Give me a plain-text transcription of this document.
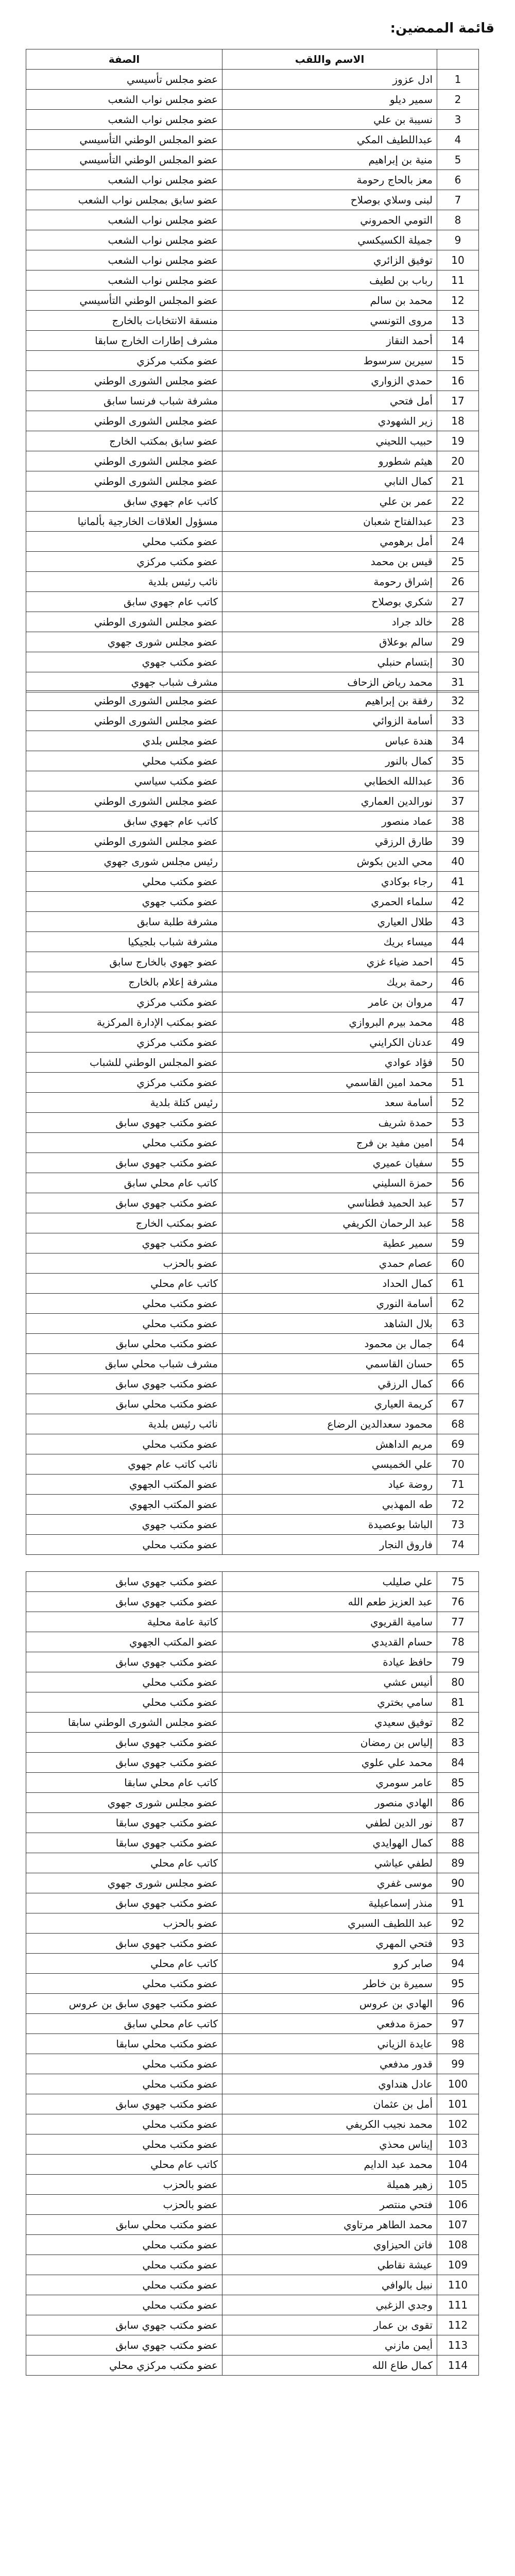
قائمة الممضين:
	الاسم واللقب	الصفة
1	ادل عزوز	عضو مجلس تأسيسي
2	سمير ديلو	عضو مجلس نواب الشعب
3	نسيبة بن علي	عضو مجلس نواب الشعب
4	عبداللطيف المكي	عضو المجلس الوطني التأسيسي
5	منية بن إبراهيم	عضو المجلس الوطني التأسيسي
6	معز بالحاج رحومة	عضو مجلس نواب الشعب
7	لبنى وسلاي بوصلاح	عضو سابق بمجلس نواب الشعب
8	التومي الحمروني	عضو مجلس نواب الشعب
9	جميلة الكسيكسي	عضو مجلس نواب الشعب
10	توفيق الزائري	عضو مجلس نواب الشعب
11	رباب بن لطيف	عضو مجلس نواب الشعب
12	محمد بن سالم	عضو المجلس الوطني التأسيسي
13	مروى التونسي	منسقة الانتخابات بالخارج
14	أحمد النقاز	مشرف إطارات الخارج سابقا
15	سيرين سرسوط	عضو مكتب مركزي
16	حمدي الزواري	عضو مجلس الشورى الوطني
17	أمل فتحي	مشرفة شباب فرنسا سابق
18	زير الشهودي	عضو مجلس الشورى الوطني
19	حبيب اللحيني	عضو سابق بمكتب الخارج
20	هيثم شطورو	عضو مجلس الشورى الوطني
21	كمال النابي	عضو مجلس الشورى الوطني
22	عمر بن علي	كاتب عام جهوي سابق
23	عبدالفتاح شعبان	مسؤول العلاقات الخارجية بألمانيا
24	أمل برهومي	عضو مكتب محلي
25	قيس بن محمد	عضو مكتب مركزي
26	إشراق رحومة	نائب رئيس بلدية
27	شكري بوصلاح	كاتب عام جهوي سابق
28	خالد جراد	عضو مجلس الشورى الوطني
29	سالم بوعلاق	عضو مجلس شورى جهوي
30	إبتسام حنبلي	عضو مكتب جهوي
31	محمد رياض الزحاف	مشرف شباب جهوي
32	رفقة بن إبراهيم	عضو مجلس الشورى الوطني
33	أسامة الزوائي	عضو مجلس الشورى الوطني
34	هندة عباس	عضو مجلس بلدي
35	كمال بالنور	عضو مكتب محلي
36	عبدالله الخطابي	عضو مكتب سياسي
37	نورالدين العماري	عضو مجلس الشورى الوطني
38	عماد منصور	كاتب عام جهوي سابق
39	طارق الرزقي	عضو مجلس الشورى الوطني
40	محي الدين بكوش	رئيس مجلس شورى جهوي
41	رجاء بوكادي	عضو مكتب محلي
42	سلماء الحمري	عضو مكتب جهوي
43	طلال العياري	مشرفة طلبة سابق
44	ميساء بريك	مشرفة شباب بلجيكيا
45	احمد ضياء غزي	عضو جهوي بالخارج سابق
46	رحمة بريك	مشرفة إعلام بالخارج
47	مروان بن عامر	عضو مكتب مركزي
48	محمد بيرم البروازي	عضو بمكتب الإدارة المركزية
49	عدنان الكرايني	عضو مكتب مركزي
50	فؤاد عوادي	عضو المجلس الوطني للشباب
51	محمد امين القاسمي	عضو مكتب مركزي
52	أسامة سعد	رئيس كتلة بلدية
53	حمدة شريف	عضو مكتب جهوي سابق
54	امين مفيد بن فرج	عضو مكتب محلي
55	سفيان عميري	عضو مكتب جهوي سابق
56	حمزة السليني	كاتب عام محلي سابق
57	عبد الحميد فطناسي	عضو مكتب جهوي سابق
58	عبد الرحمان الكريفي	عضو بمكتب الخارج
59	سمير عطية	عضو مكتب جهوي
60	عصام حمدي	عضو بالحزب
61	كمال الحداد	كاتب عام محلي
62	أسامة النوري	عضو مكتب محلي
63	بلال الشاهد	عضو مكتب محلي
64	جمال بن محمود	عضو مكتب محلي سابق
65	حسان القاسمي	مشرف شباب محلي سابق
66	كمال الرزقي	عضو مكتب جهوي سابق
67	كريمة العياري	عضو مكتب محلي سابق
68	محمود سعدالدين الرضاع	نائب رئيس بلدية
69	مريم الداهش	عضو مكتب محلي
70	علي الخميسي	نائب كاتب عام جهوي
71	روضة عياد	عضو المكتب الجهوي
72	طه المهذبي	عضو المكتب الجهوي
73	الباشا بوعصيدة	عضو مكتب جهوي
74	فاروق النجار	عضو مكتب محلي
75	علي صليلب	عضو مكتب جهوي سابق
76	عبد العزيز طعم الله	عضو مكتب جهوي سابق
77	سامية القريوي	كاتبة عامة محلية
78	حسام القديدي	عضو المكتب الجهوي
79	حافظ عيادة	عضو مكتب جهوي سابق
80	أنيس عشي	عضو مكتب محلي
81	سامي بختري	عضو مكتب محلي
82	توفيق سعيدي	عضو مجلس الشورى الوطني سابقا
83	إلياس بن رمضان	عضو مكتب جهوي سابق
84	محمد علي علوي	عضو مكتب جهوي سابق
85	عامر سومري	كاتب عام محلي سابقا
86	الهادي منصور	عضو مجلس شورى جهوي
87	نور الدين لطفي	عضو مكتب جهوي سابقا
88	كمال الهوايدي	عضو مكتب جهوي سابقا
89	لطفي عياشي	كاتب عام محلي
90	موسى غفري	عضو مجلس شورى جهوي
91	منذر إسماعيلية	عضو مكتب جهوي سابق
92	عبد اللطيف السبري	عضو بالحزب
93	فتحي المهري	عضو مكتب جهوي سابق
94	صابر كرو	كاتب عام محلي
95	سميرة بن خاطر	عضو مكتب محلي
96	الهادي بن عروس	عضو مكتب جهوي سابق بن عروس
97	حمزة مدفعي	كاتب عام محلي سابق
98	عايدة الزياني	عضو مكتب محلي سابقا
99	قدور مدفعي	عضو مكتب محلي
100	عادل هنداوي	عضو مكتب محلي
101	أمل بن عثمان	عضو مكتب جهوي سابق
102	محمد نجيب الكريفي	عضو مكتب محلي
103	إيناس محذي	عضو مكتب محلي
104	محمد عبد الدايم	كاتب عام محلي
105	زهير هميلة	عضو بالحزب
106	فتحي منتصر	عضو بالحزب
107	محمد الطاهر مرتاوي	عضو مكتب محلي سابق
108	فاتن الحيزاوي	عضو مكتب محلي
109	عيشة نقاطي	عضو مكتب محلي
110	نبيل بالوافي	عضو مكتب محلي
111	وجدي الزغبي	عضو مكتب محلي
112	تقوى بن عمار	عضو مكتب جهوي سابق
113	أيمن مازني	عضو مكتب جهوي سابق
114	كمال طاع الله	عضو مكتب مركزي محلي
